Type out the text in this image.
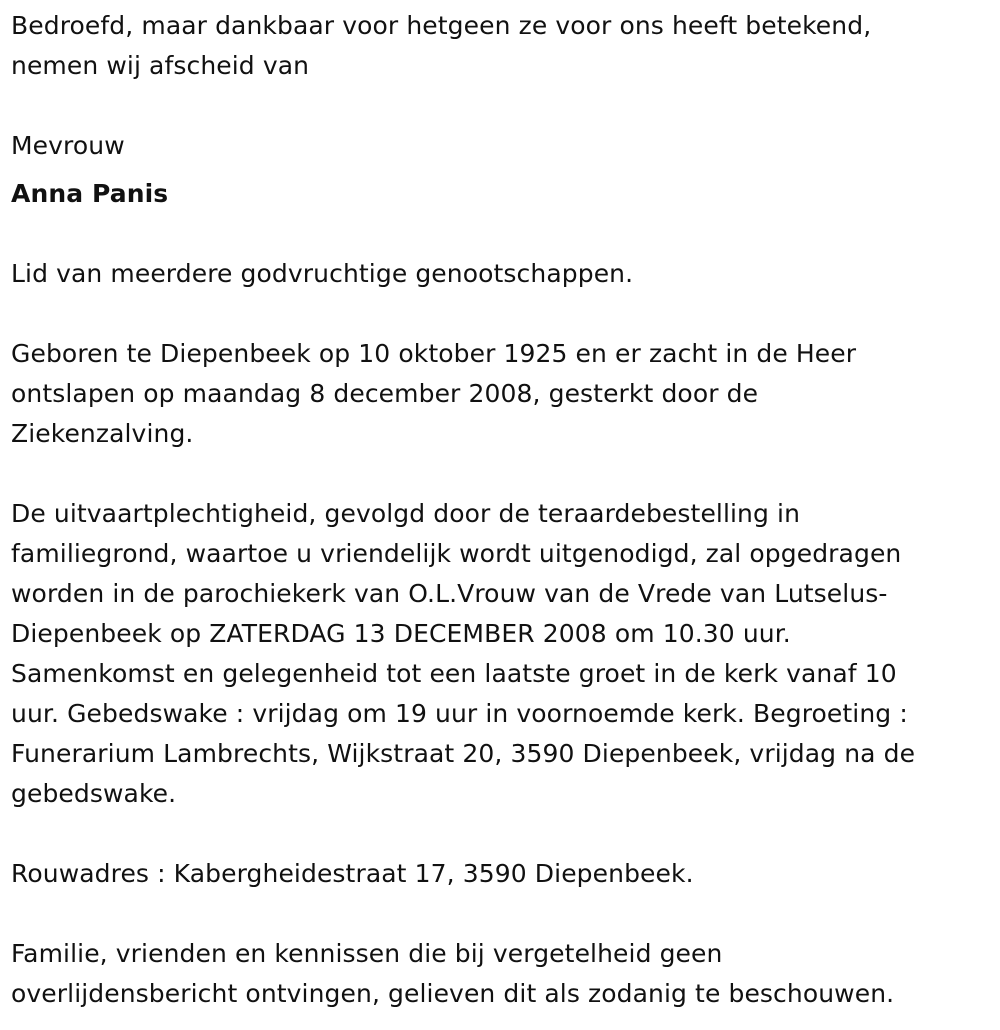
Bedroefd, maar dankbaar voor hetgeen ze voor ons heeft betekend,
nemen wij afscheid van
Mevrouw
Anna Panis
Lid van meerdere godvruchtige genootschappen.
Geboren te Diepenbeek op 10 oktober 1925 en er zacht in de Heer
ontslapen op maandag 8 december 2008, gesterkt door de
Ziekenzalving.
De uitvaartplechtigheid, gevolgd door de teraardebestelling in
familiegrond, waartoe u vriendelijk wordt uitgenodigd, zal opgedragen
worden in de parochiekerk van O.L.Vrouw van de Vrede van Lutselus-
Diepenbeek op ZATERDAG 13 DECEMBER 2008 om 10.30 uur.
Samenkomst en gelegenheid tot een laatste groet in de kerk vanaf 10
uur. Gebedswake : vrijdag om 19 uur in voornoemde kerk. Begroeting :
Funerarium Lambrechts, Wijkstraat 20, 3590 Diepenbeek, vrijdag na de
gebedswake.
Rouwadres : Kabergheidestraat 17, 3590 Diepenbeek.
Familie, vrienden en kennissen die bij vergetelheid geen
overlijdensbericht ontvingen, gelieven dit als zodanig te beschouwen.
